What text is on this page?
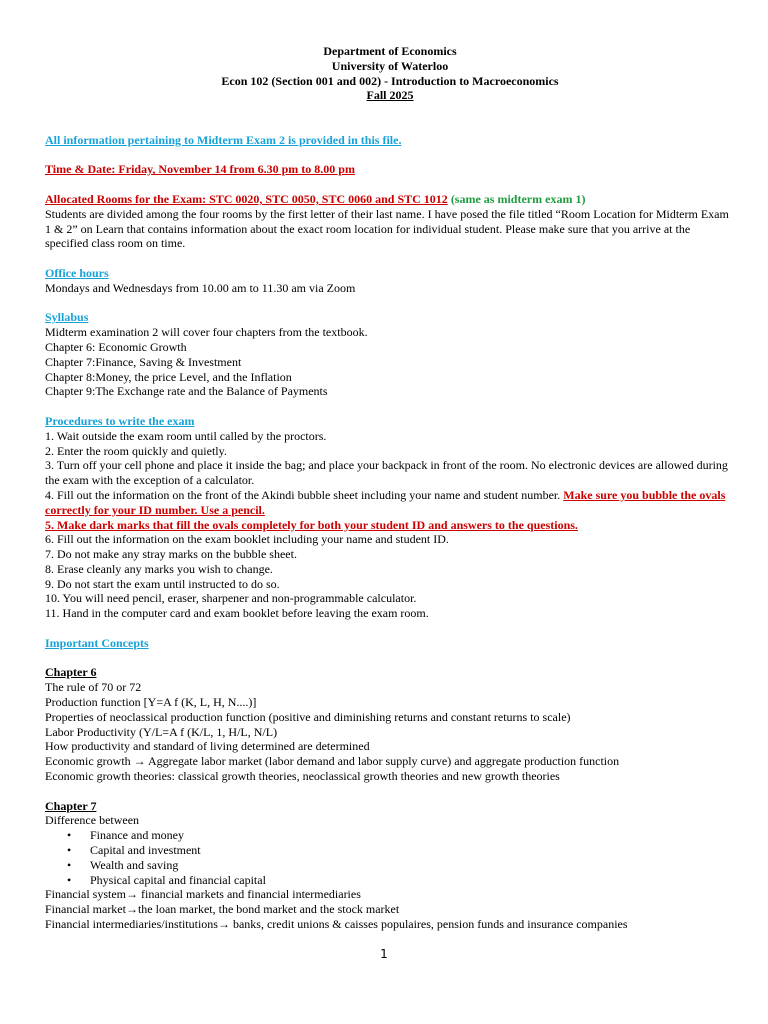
Department of Economics
University of Waterloo
Econ 102 (Section 001 and 002) - Introduction to Macroeconomics
Fall 2025
All information pertaining to Midterm Exam 2 is provided in this file.
Time & Date: Friday, November 14 from 6.30 pm to 8.00 pm
Allocated Rooms for the Exam: STC 0020, STC 0050, STC 0060 and STC 1012 (same as midterm exam 1)
Students are divided among the four rooms by the first letter of their last name. I have posed the file titled “Room Location for Midterm Exam 1 & 2” on Learn that contains information about the exact room location for individual student. Please make sure that you arrive at the specified class room on time.
Office hours
Mondays and Wednesdays from 10.00 am to 11.30 am via Zoom
Syllabus
Midterm examination 2 will cover four chapters from the textbook.
Chapter 6: Economic Growth
Chapter 7:Finance, Saving & Investment
Chapter 8:Money, the price Level, and the Inflation
Chapter 9:The Exchange rate and the Balance of Payments
Procedures to write the exam
1. Wait outside the exam room until called by the proctors.
2. Enter the room quickly and quietly.
3. Turn off your cell phone and place it inside the bag; and place your backpack in front of the room. No electronic devices are allowed during the exam with the exception of a calculator.
4. Fill out the information on the front of the Akindi bubble sheet including your name and student number. Make sure you bubble the ovals correctly for your ID number. Use a pencil.
5. Make dark marks that fill the ovals completely for both your student ID and answers to the questions.
6. Fill out the information on the exam booklet including your name and student ID.
7. Do not make any stray marks on the bubble sheet.
8. Erase cleanly any marks you wish to change.
9. Do not start the exam until instructed to do so.
10. You will need pencil, eraser, sharpener and non-programmable calculator.
11. Hand in the computer card and exam booklet before leaving the exam room.
Important Concepts
Chapter 6
The rule of 70 or 72
Production function [Y=A f (K, L, H, N....)]
Properties of neoclassical production function (positive and diminishing returns and constant returns to scale)
Labor Productivity (Y/L=A f (K/L, 1, H/L, N/L)
How productivity and standard of living determined are determined
Economic growth → Aggregate labor market (labor demand and labor supply curve) and aggregate production function
Economic growth theories: classical growth theories, neoclassical growth theories and new growth theories
Chapter 7
Difference between
• Finance and money
• Capital and investment
• Wealth and saving
• Physical capital and financial capital
Financial system→ financial markets and financial intermediaries
Financial market→the loan market, the bond market and the stock market
Financial intermediaries/institutions→ banks, credit unions & caisses populaires, pension funds and insurance companies
1
